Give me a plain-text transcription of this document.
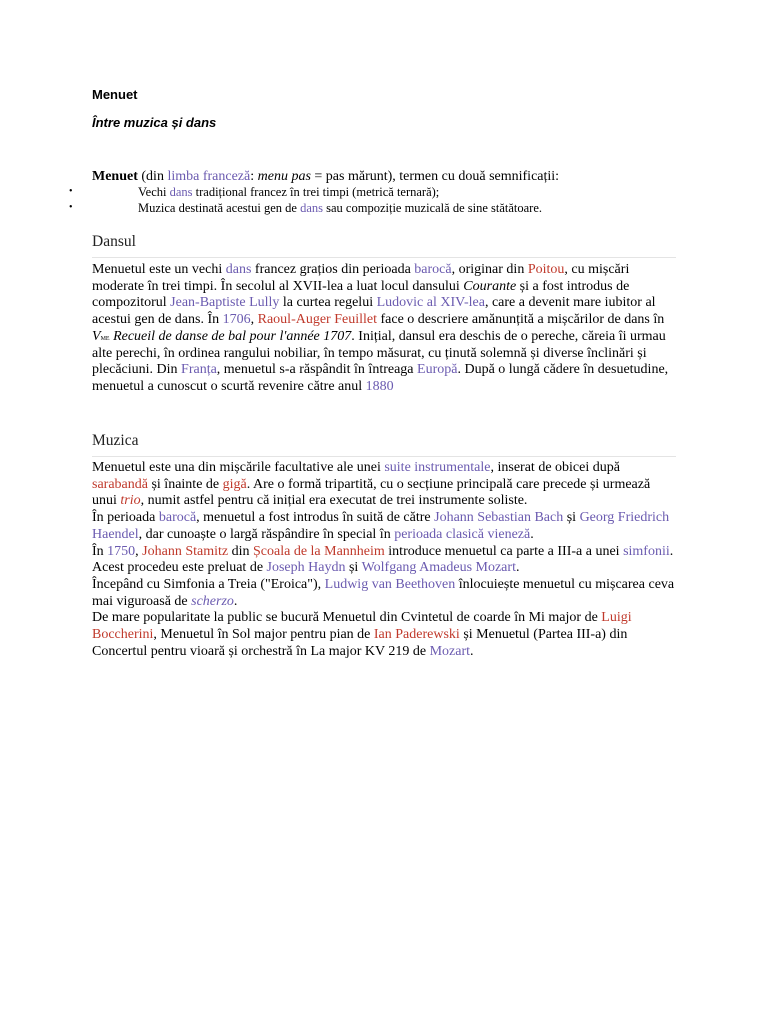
Menuet
Între muzica și dans
Menuet (din limba franceză: menu pas = pas mărunt), termen cu două semnificații:
•	Vechi dans tradițional francez în trei timpi (metrică ternară);
•	Muzica destinată acestui gen de dans sau compoziție muzicală de sine stătătoare.
Dansul
Menuetul este un vechi dans francez grațios din perioada barocă, originar din Poitou, cu mișcări moderate în trei timpi. În secolul al XVII-lea a luat locul dansului Courante și a fost introdus de compozitorul Jean-Baptiste Lully la curtea regelui Ludovic al XIV-lea, care a devenit mare iubitor al acestui gen de dans. În 1706, Raoul-Auger Feuillet face o descriere amănunțită a mișcărilor de dans în Vme Recueil de danse de bal pour l'année 1707. Inițial, dansul era deschis de o pereche, căreia îi urmau alte perechi, în ordinea rangului nobiliar, în tempo măsurat, cu ținută solemnă și diverse înclinări și plecăciuni. Din Franța, menuetul s-a răspândit în întreaga Europă. După o lungă cădere în desuetudine, menuetul a cunoscut o scurtă revenire către anul 1880
Muzica

Menuetul este una din mișcările facultative ale unei suite instrumentale, inserat de obicei după sarabandă și înainte de gigă. Are o formă tripartită, cu o secțiune principală care precede și urmează unui trio, numit astfel pentru că inițial era executat de trei instrumente soliste.

În perioada barocă, menuetul a fost introdus în suită de către Johann Sebastian Bach și Georg Friedrich Haendel, dar cunoaște o largă răspândire în special în perioada clasică vieneză.

În 1750, Johann Stamitz din Școala de la Mannheim introduce menuetul ca parte a III-a a unei simfonii. Acest procedeu este preluat de Joseph Haydn și Wolfgang Amadeus Mozart.

Începând cu Simfonia a Treia ("Eroica"), Ludwig van Beethoven înlocuiește menuetul cu mișcarea ceva mai viguroasă de scherzo.

De mare popularitate la public se bucură Menuetul din Cvintetul de coarde în Mi major de Luigi Boccherini, Menuetul în Sol major pentru pian de Ian Paderewski și Menuetul (Partea III-a) din Concertul pentru vioară și orchestră în La major KV 219 de Mozart.
